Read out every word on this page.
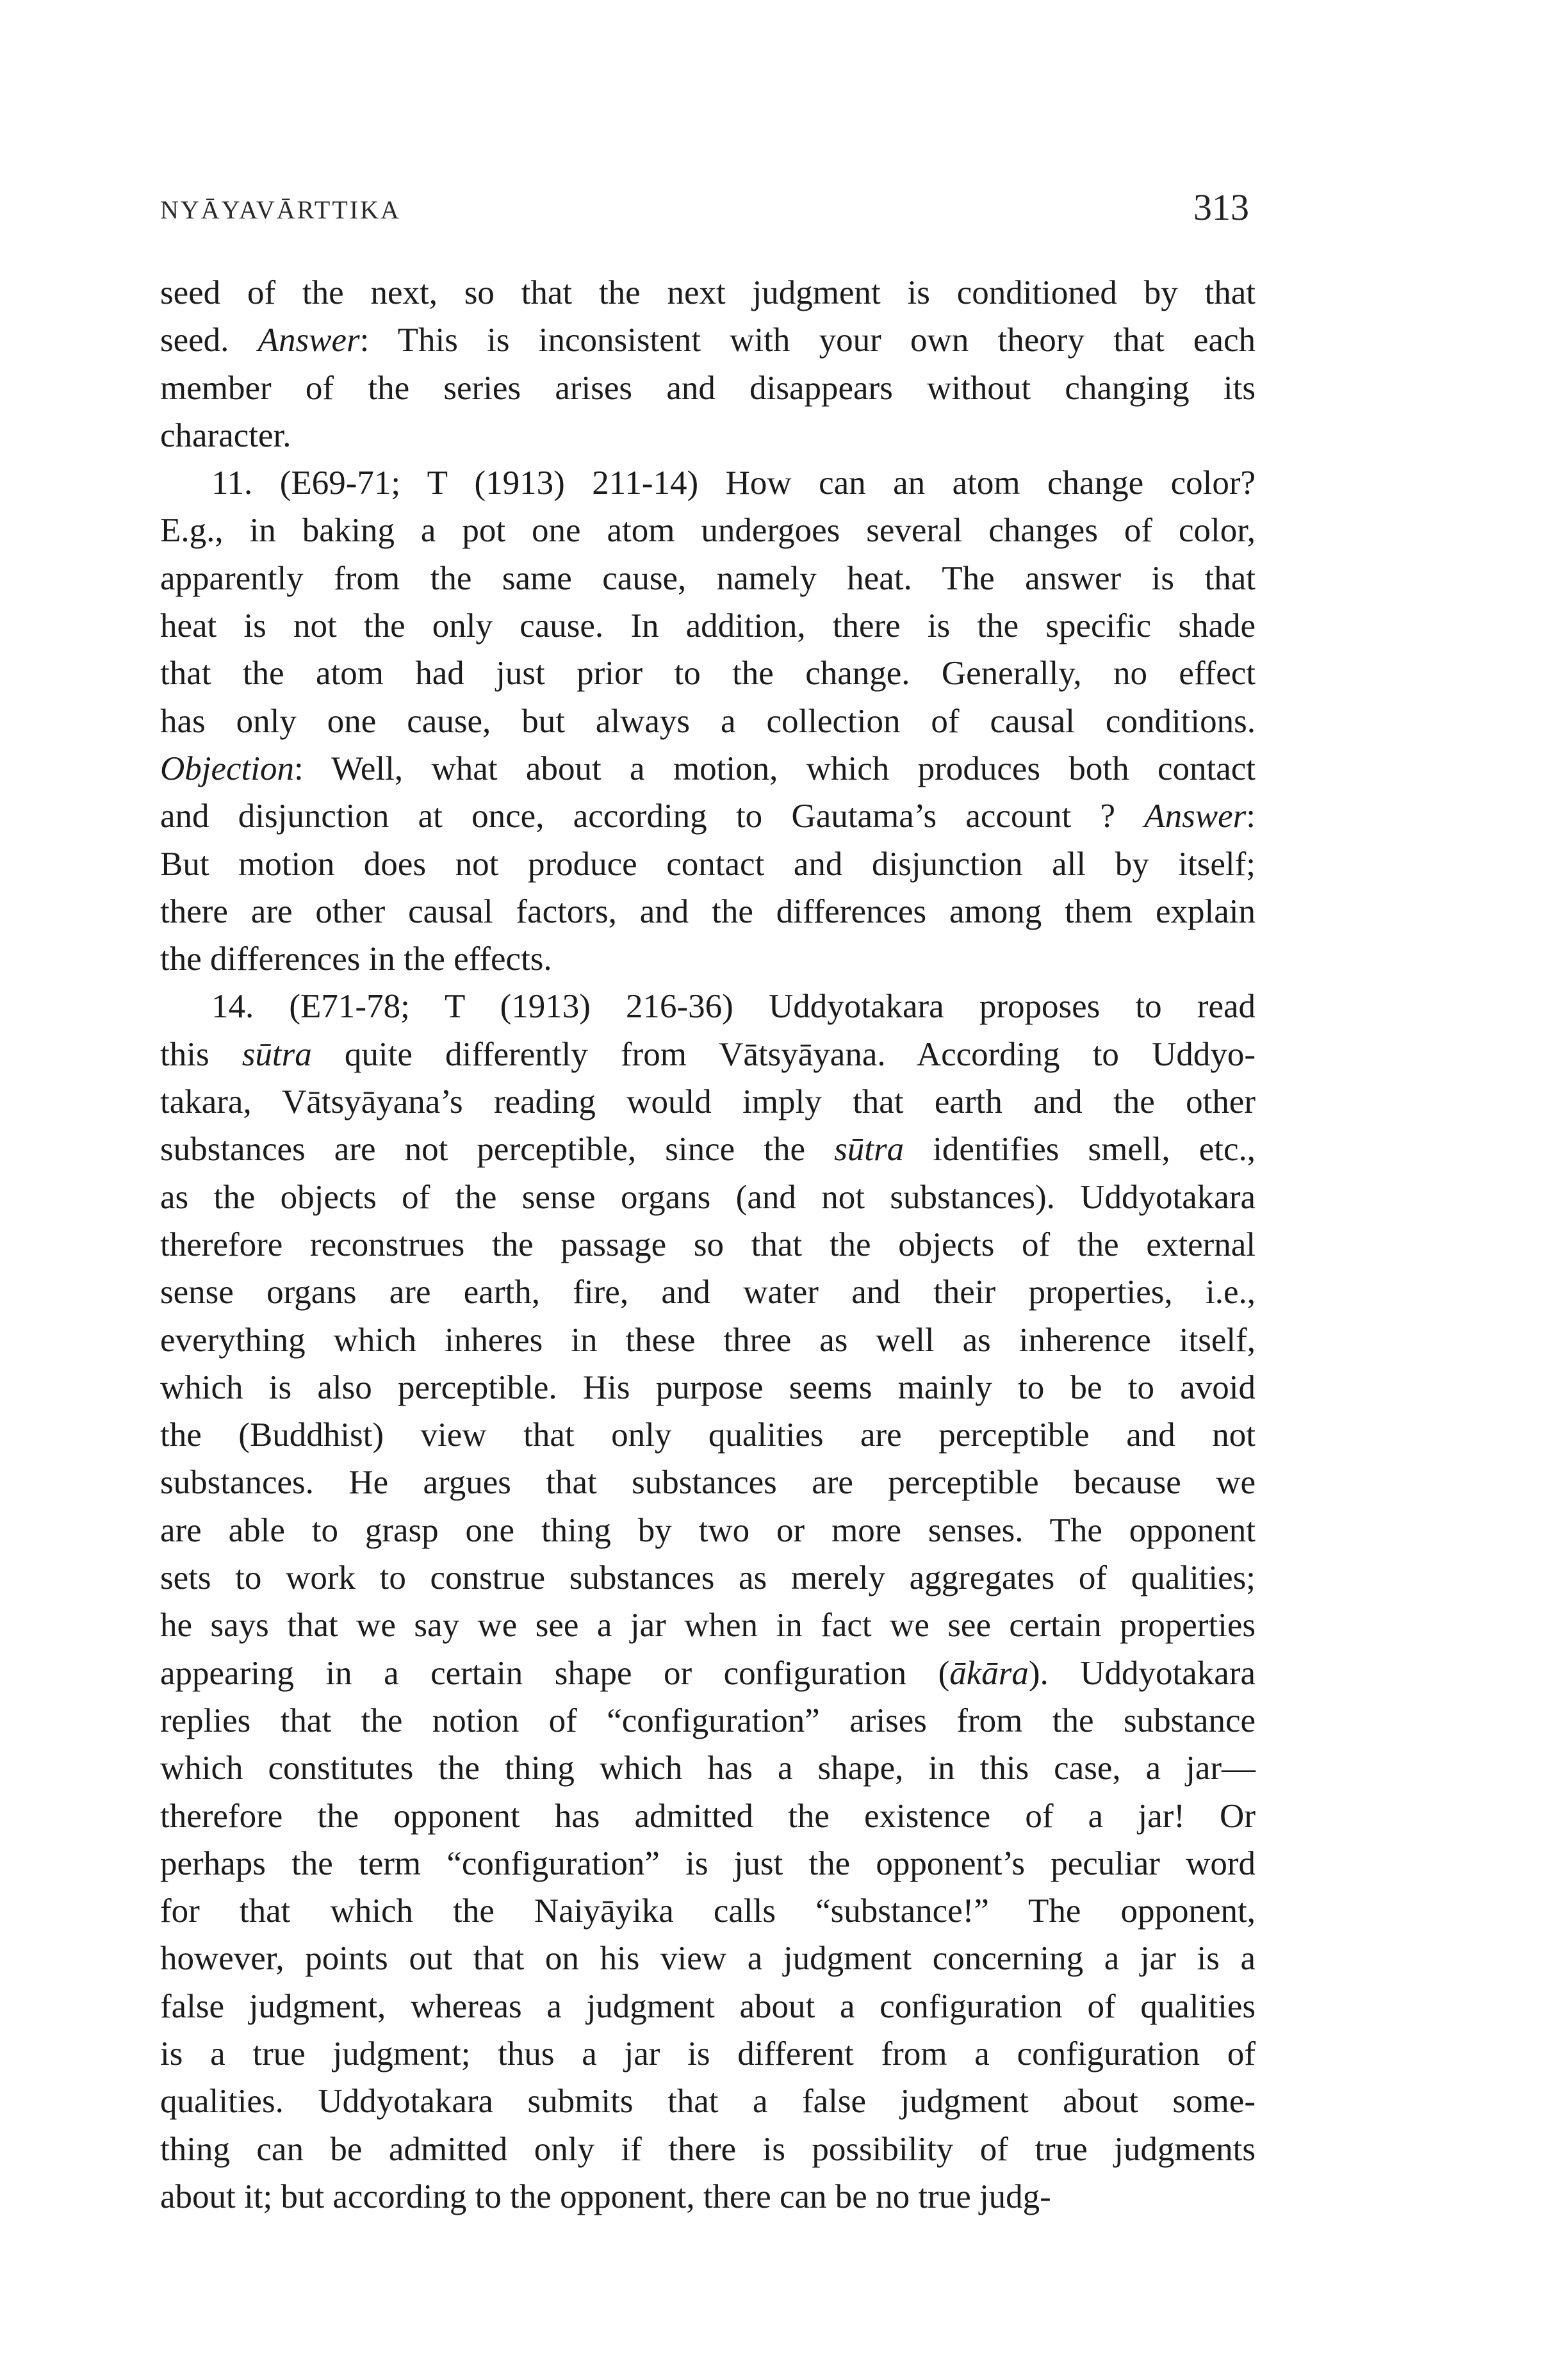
NYĀYAVĀRTTIKA	313
seed of the next, so that the next judgment is conditioned by that
seed. Answer: This is inconsistent with your own theory that each
member of the series arises and disappears without changing its
character.
11. (E69-71; T (1913) 211-14) How can an atom change color?
E.g., in baking a pot one atom undergoes several changes of color,
apparently from the same cause, namely heat. The answer is that
heat is not the only cause. In addition, there is the specific shade
that the atom had just prior to the change. Generally, no effect
has only one cause, but always a collection of causal conditions.
Objection: Well, what about a motion, which produces both contact
and disjunction at once, according to Gautama’s account ? Answer:
But motion does not produce contact and disjunction all by itself;
there are other causal factors, and the differences among them explain
the differences in the effects.
14. (E71-78; T (1913) 216-36) Uddyotakara proposes to read
this sūtra quite differently from Vātsyāyana. According to Uddyo-
takara, Vātsyāyana’s reading would imply that earth and the other
substances are not perceptible, since the sūtra identifies smell, etc.,
as the objects of the sense organs (and not substances). Uddyotakara
therefore reconstrues the passage so that the objects of the external
sense organs are earth, fire, and water and their properties, i.e.,
everything which inheres in these three as well as inherence itself,
which is also perceptible. His purpose seems mainly to be to avoid
the (Buddhist) view that only qualities are perceptible and not
substances. He argues that substances are perceptible because we
are able to grasp one thing by two or more senses. The opponent
sets to work to construe substances as merely aggregates of qualities;
he says that we say we see a jar when in fact we see certain properties
appearing in a certain shape or configuration (ākāra). Uddyotakara
replies that the notion of “configuration” arises from the substance
which constitutes the thing which has a shape, in this case, a jar—
therefore the opponent has admitted the existence of a jar! Or
perhaps the term “configuration” is just the opponent’s peculiar word
for that which the Naiyāyika calls “substance!” The opponent,
however, points out that on his view a judgment concerning a jar is a
false judgment, whereas a judgment about a configuration of qualities
is a true judgment; thus a jar is different from a configuration of
qualities. Uddyotakara submits that a false judgment about some-
thing can be admitted only if there is possibility of true judgments
about it; but according to the opponent, there can be no true judg-
